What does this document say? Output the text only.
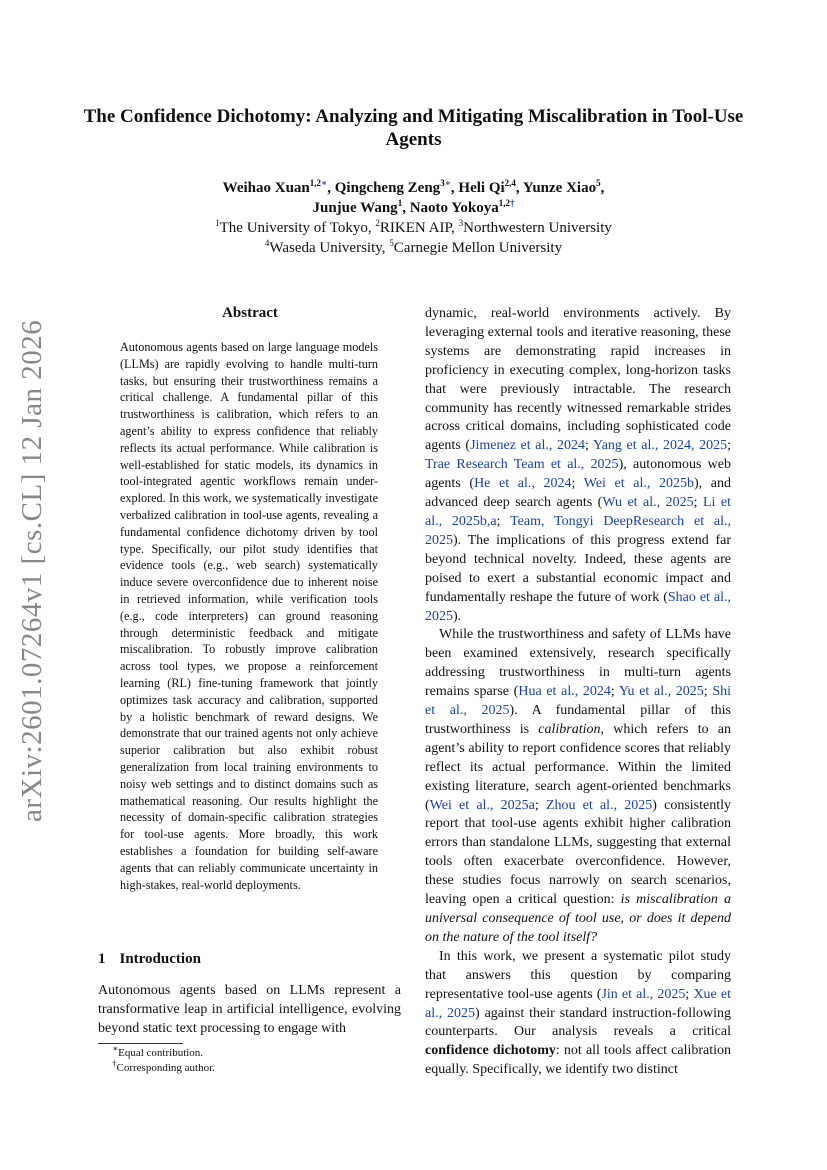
arXiv:2601.07264v1 [cs.CL] 12 Jan 2026
The Confidence Dichotomy: Analyzing and Mitigating Miscalibration in Tool-Use Agents
Weihao Xuan$^{1,2∗}$, Qingcheng Zeng$^{3∗}$, Heli Qi$^{2,4}$, Yunze Xiao$^5$,
Junjue Wang$^1$, Naoto Yokoya$^{1,2\dagger}$
$^1$The University of Tokyo, $^2$RIKEN AIP, $^3$Northwestern University
$^4$Waseda University, $^5$Carnegie Mellon University
Abstract
Autonomous agents based on large language models (LLMs) are rapidly evolving to handle multi-turn tasks, but ensuring their trustworthiness remains a critical challenge. A fundamental pillar of this trustworthiness is calibration, which refers to an agent’s ability to express confidence that reliably reflects its actual performance. While calibration is well-established for static models, its dynamics in tool-integrated agentic workflows remain under-explored. In this work, we systematically investigate verbalized calibration in tool-use agents, revealing a fundamental confidence dichotomy driven by tool type. Specifically, our pilot study identifies that evidence tools (e.g., web search) systematically induce severe overconfidence due to inherent noise in retrieved information, while verification tools (e.g., code interpreters) can ground reasoning through deterministic feedback and mitigate miscalibration. To robustly improve calibration across tool types, we propose a reinforcement learning (RL) fine-tuning framework that jointly optimizes task accuracy and calibration, supported by a holistic benchmark of reward designs. We demonstrate that our trained agents not only achieve superior calibration but also exhibit robust generalization from local training environments to noisy web settings and to distinct domains such as mathematical reasoning. Our results highlight the necessity of domain-specific calibration strategies for tool-use agents. More broadly, this work establishes a foundation for building self-aware agents that can reliably communicate uncertainty in high-stakes, real-world deployments.
1 Introduction
Autonomous agents based on LLMs represent a transformative leap in artificial intelligence, evolving beyond static text processing to engage with
∗Equal contribution.
†Corresponding author.

dynamic, real-world environments actively. By leveraging external tools and iterative reasoning, these systems are demonstrating rapid increases in proficiency in executing complex, long-horizon tasks that were previously intractable. The research community has recently witnessed remarkable strides across critical domains, including sophisticated code agents (Jimenez et al., 2024; Yang et al., 2024, 2025; Trae Research Team et al., 2025), autonomous web agents (He et al., 2024; Wei et al., 2025b), and advanced deep search agents (Wu et al., 2025; Li et al., 2025b,a; Team, Tongyi DeepResearch et al., 2025). The implications of this progress extend far beyond technical novelty. Indeed, these agents are poised to exert a substantial economic impact and fundamentally reshape the future of work (Shao et al., 2025).

While the trustworthiness and safety of LLMs have been examined extensively, research specifically addressing trustworthiness in multi-turn agents remains sparse (Hua et al., 2024; Yu et al., 2025; Shi et al., 2025). A fundamental pillar of this trustworthiness is calibration, which refers to an agent’s ability to report confidence scores that reliably reflect its actual performance. Within the limited existing literature, search agent-oriented benchmarks (Wei et al., 2025a; Zhou et al., 2025) consistently report that tool-use agents exhibit higher calibration errors than standalone LLMs, suggesting that external tools often exacerbate overconfidence. However, these studies focus narrowly on search scenarios, leaving open a critical question: is miscalibration a universal consequence of tool use, or does it depend on the nature of the tool itself?

In this work, we present a systematic pilot study that answers this question by comparing representative tool-use agents (Jin et al., 2025; Xue et al., 2025) against their standard instruction-following counterparts. Our analysis reveals a critical confidence dichotomy: not all tools affect calibration equally. Specifically, we identify two distinct
